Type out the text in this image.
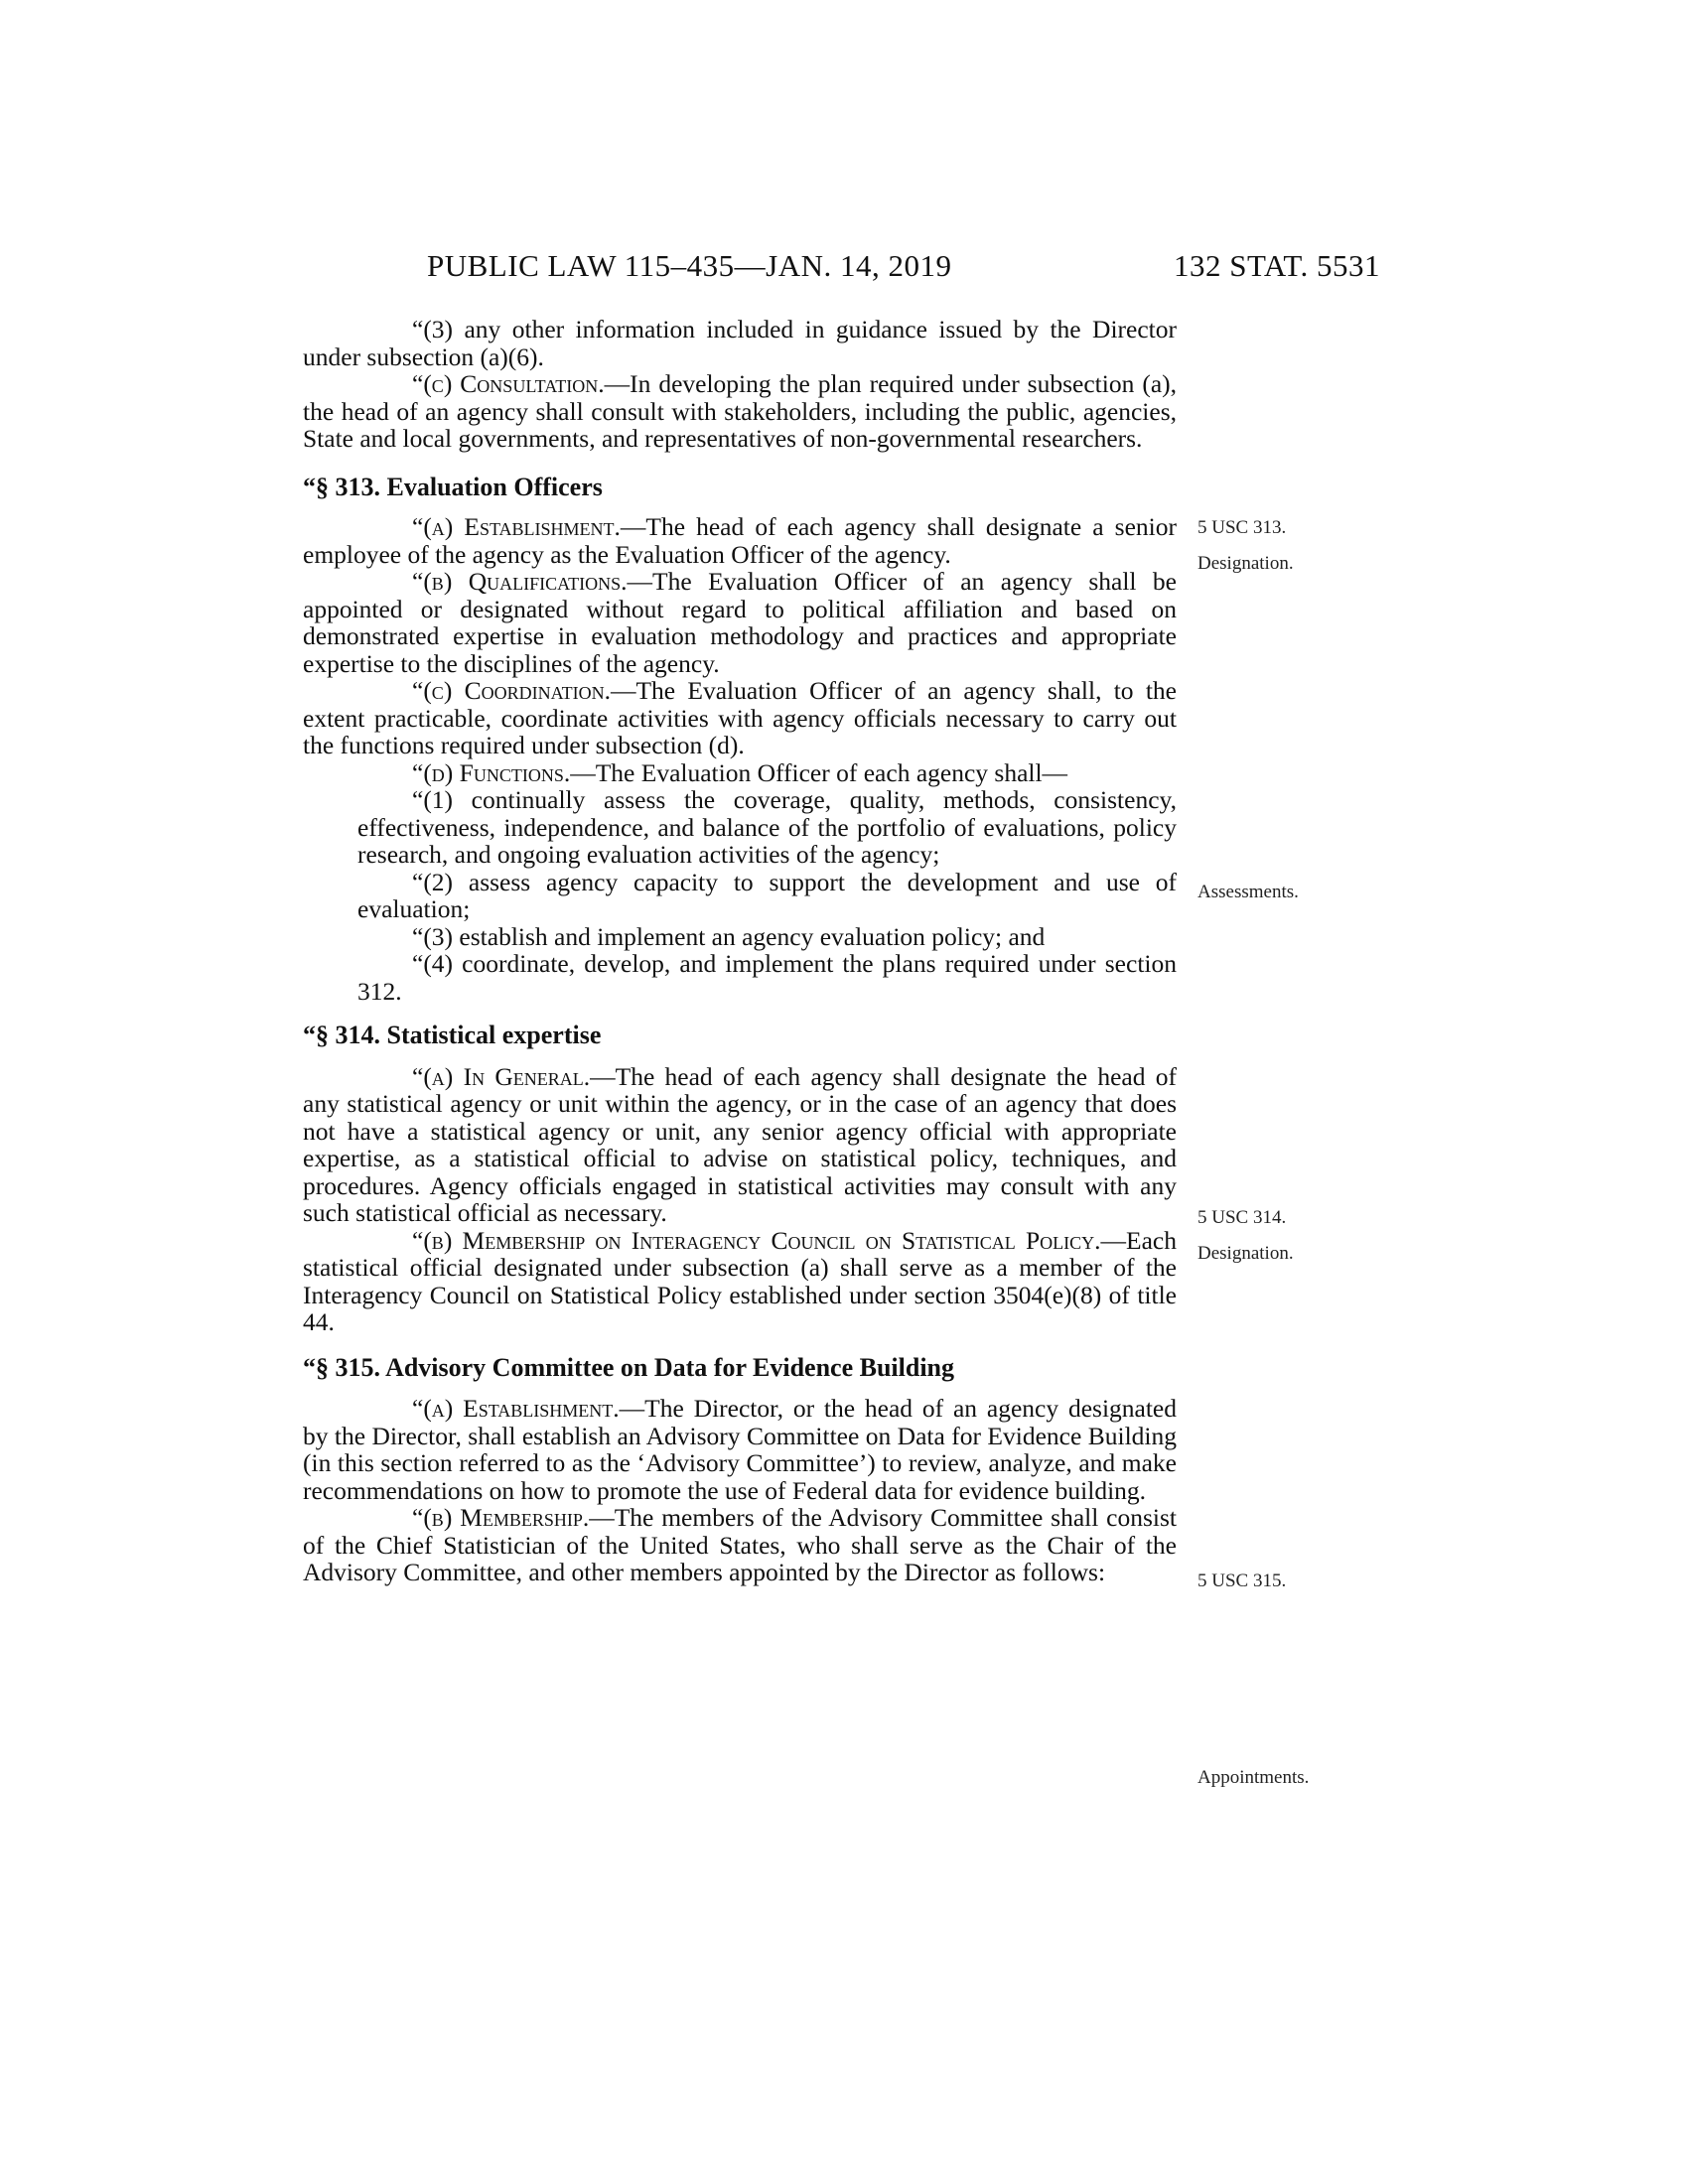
PUBLIC LAW 115–435—JAN. 14, 2019	132 STAT. 5531
“(3) any other information included in guidance issued by the Director under subsection (a)(6).
“(c) Consultation.—In developing the plan required under subsection (a), the head of an agency shall consult with stakeholders, including the public, agencies, State and local governments, and representatives of non-governmental researchers.
“§ 313. Evaluation Officers
“(a) Establishment.—The head of each agency shall designate a senior employee of the agency as the Evaluation Officer of the agency.
“(b) Qualifications.—The Evaluation Officer of an agency shall be appointed or designated without regard to political affiliation and based on demonstrated expertise in evaluation methodology and practices and appropriate expertise to the disciplines of the agency.
“(c) Coordination.—The Evaluation Officer of an agency shall, to the extent practicable, coordinate activities with agency officials necessary to carry out the functions required under subsection (d).
“(d) Functions.—The Evaluation Officer of each agency shall—
“(1) continually assess the coverage, quality, methods, consistency, effectiveness, independence, and balance of the portfolio of evaluations, policy research, and ongoing evaluation activities of the agency;
“(2) assess agency capacity to support the development and use of evaluation;
“(3) establish and implement an agency evaluation policy; and
“(4) coordinate, develop, and implement the plans required under section 312.
“§ 314. Statistical expertise
“(a) In General.—The head of each agency shall designate the head of any statistical agency or unit within the agency, or in the case of an agency that does not have a statistical agency or unit, any senior agency official with appropriate expertise, as a statistical official to advise on statistical policy, techniques, and procedures. Agency officials engaged in statistical activities may consult with any such statistical official as necessary.
“(b) Membership on Interagency Council on Statistical Policy.—Each statistical official designated under subsection (a) shall serve as a member of the Interagency Council on Statistical Policy established under section 3504(e)(8) of title 44.
“§ 315. Advisory Committee on Data for Evidence Building
“(a) Establishment.—The Director, or the head of an agency designated by the Director, shall establish an Advisory Committee on Data for Evidence Building (in this section referred to as the ‘Advisory Committee’) to review, analyze, and make recommendations on how to promote the use of Federal data for evidence building.
“(b) Membership.—The members of the Advisory Committee shall consist of the Chief Statistician of the United States, who shall serve as the Chair of the Advisory Committee, and other members appointed by the Director as follows:
5 USC 313.
Designation.
Assessments.
5 USC 314.
Designation.
5 USC 315.
Appointments.
